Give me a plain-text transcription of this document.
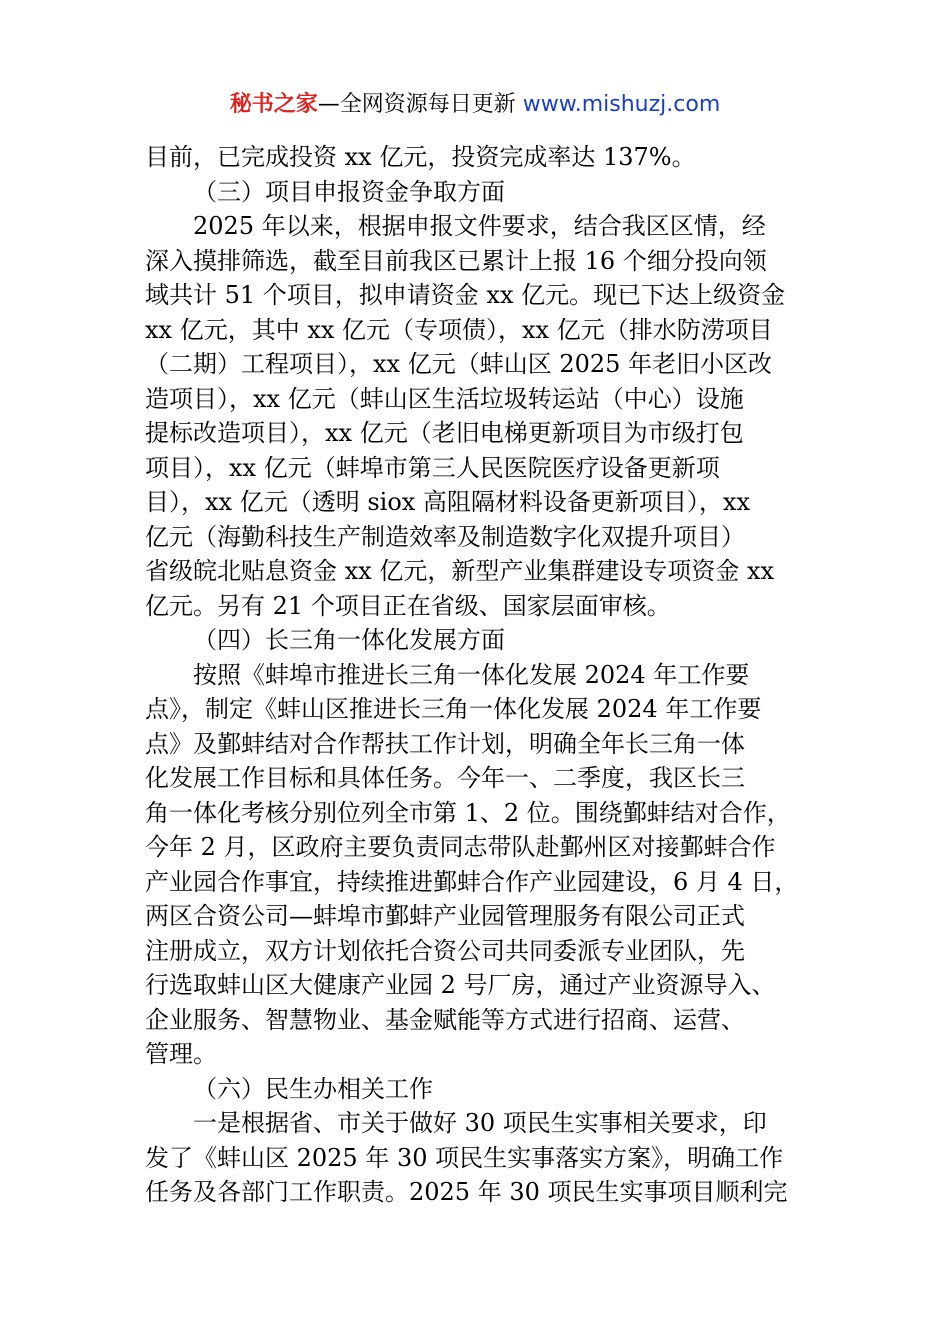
秘书之家—全网资源每日更新 www.mishuzj.com
目前，已完成投资 xx 亿元，投资完成率达 137%。
（三）项目申报资金争取方面
2025 年以来，根据申报文件要求，结合我区区情，经
深入摸排筛选，截至目前我区已累计上报 16 个细分投向领
域共计 51 个项目，拟申请资金 xx 亿元。现已下达上级资金
xx 亿元，其中 xx 亿元（专项债），xx 亿元（排水防涝项目
（二期）工程项目），xx 亿元（蚌山区 2025 年老旧小区改
造项目），xx 亿元（蚌山区生活垃圾转运站（中心）设施
提标改造项目），xx 亿元（老旧电梯更新项目为市级打包
项目），xx 亿元（蚌埠市第三人民医院医疗设备更新项
目），xx 亿元（透明 siox 高阻隔材料设备更新项目），xx
亿元（海勤科技生产制造效率及制造数字化双提升项目）
省级皖北贴息资金 xx 亿元，新型产业集群建设专项资金 xx
亿元。另有 21 个项目正在省级、国家层面审核。
（四）长三角一体化发展方面
按照《蚌埠市推进长三角一体化发展 2024 年工作要
点》，制定《蚌山区推进长三角一体化发展 2024 年工作要
点》及鄞蚌结对合作帮扶工作计划，明确全年长三角一体
化发展工作目标和具体任务。今年一、二季度，我区长三
角一体化考核分别位列全市第 1、2 位。围绕鄞蚌结对合作，
今年 2 月，区政府主要负责同志带队赴鄞州区对接鄞蚌合作
产业园合作事宜，持续推进鄞蚌合作产业园建设，6 月 4 日，
两区合资公司—蚌埠市鄞蚌产业园管理服务有限公司正式
注册成立，双方计划依托合资公司共同委派专业团队，先
行选取蚌山区大健康产业园 2 号厂房，通过产业资源导入、
企业服务、智慧物业、基金赋能等方式进行招商、运营、
管理。
（六）民生办相关工作
一是根据省、市关于做好 30 项民生实事相关要求，印
发了《蚌山区 2025 年 30 项民生实事落实方案》，明确工作
任务及各部门工作职责。2025 年 30 项民生实事项目顺利完
